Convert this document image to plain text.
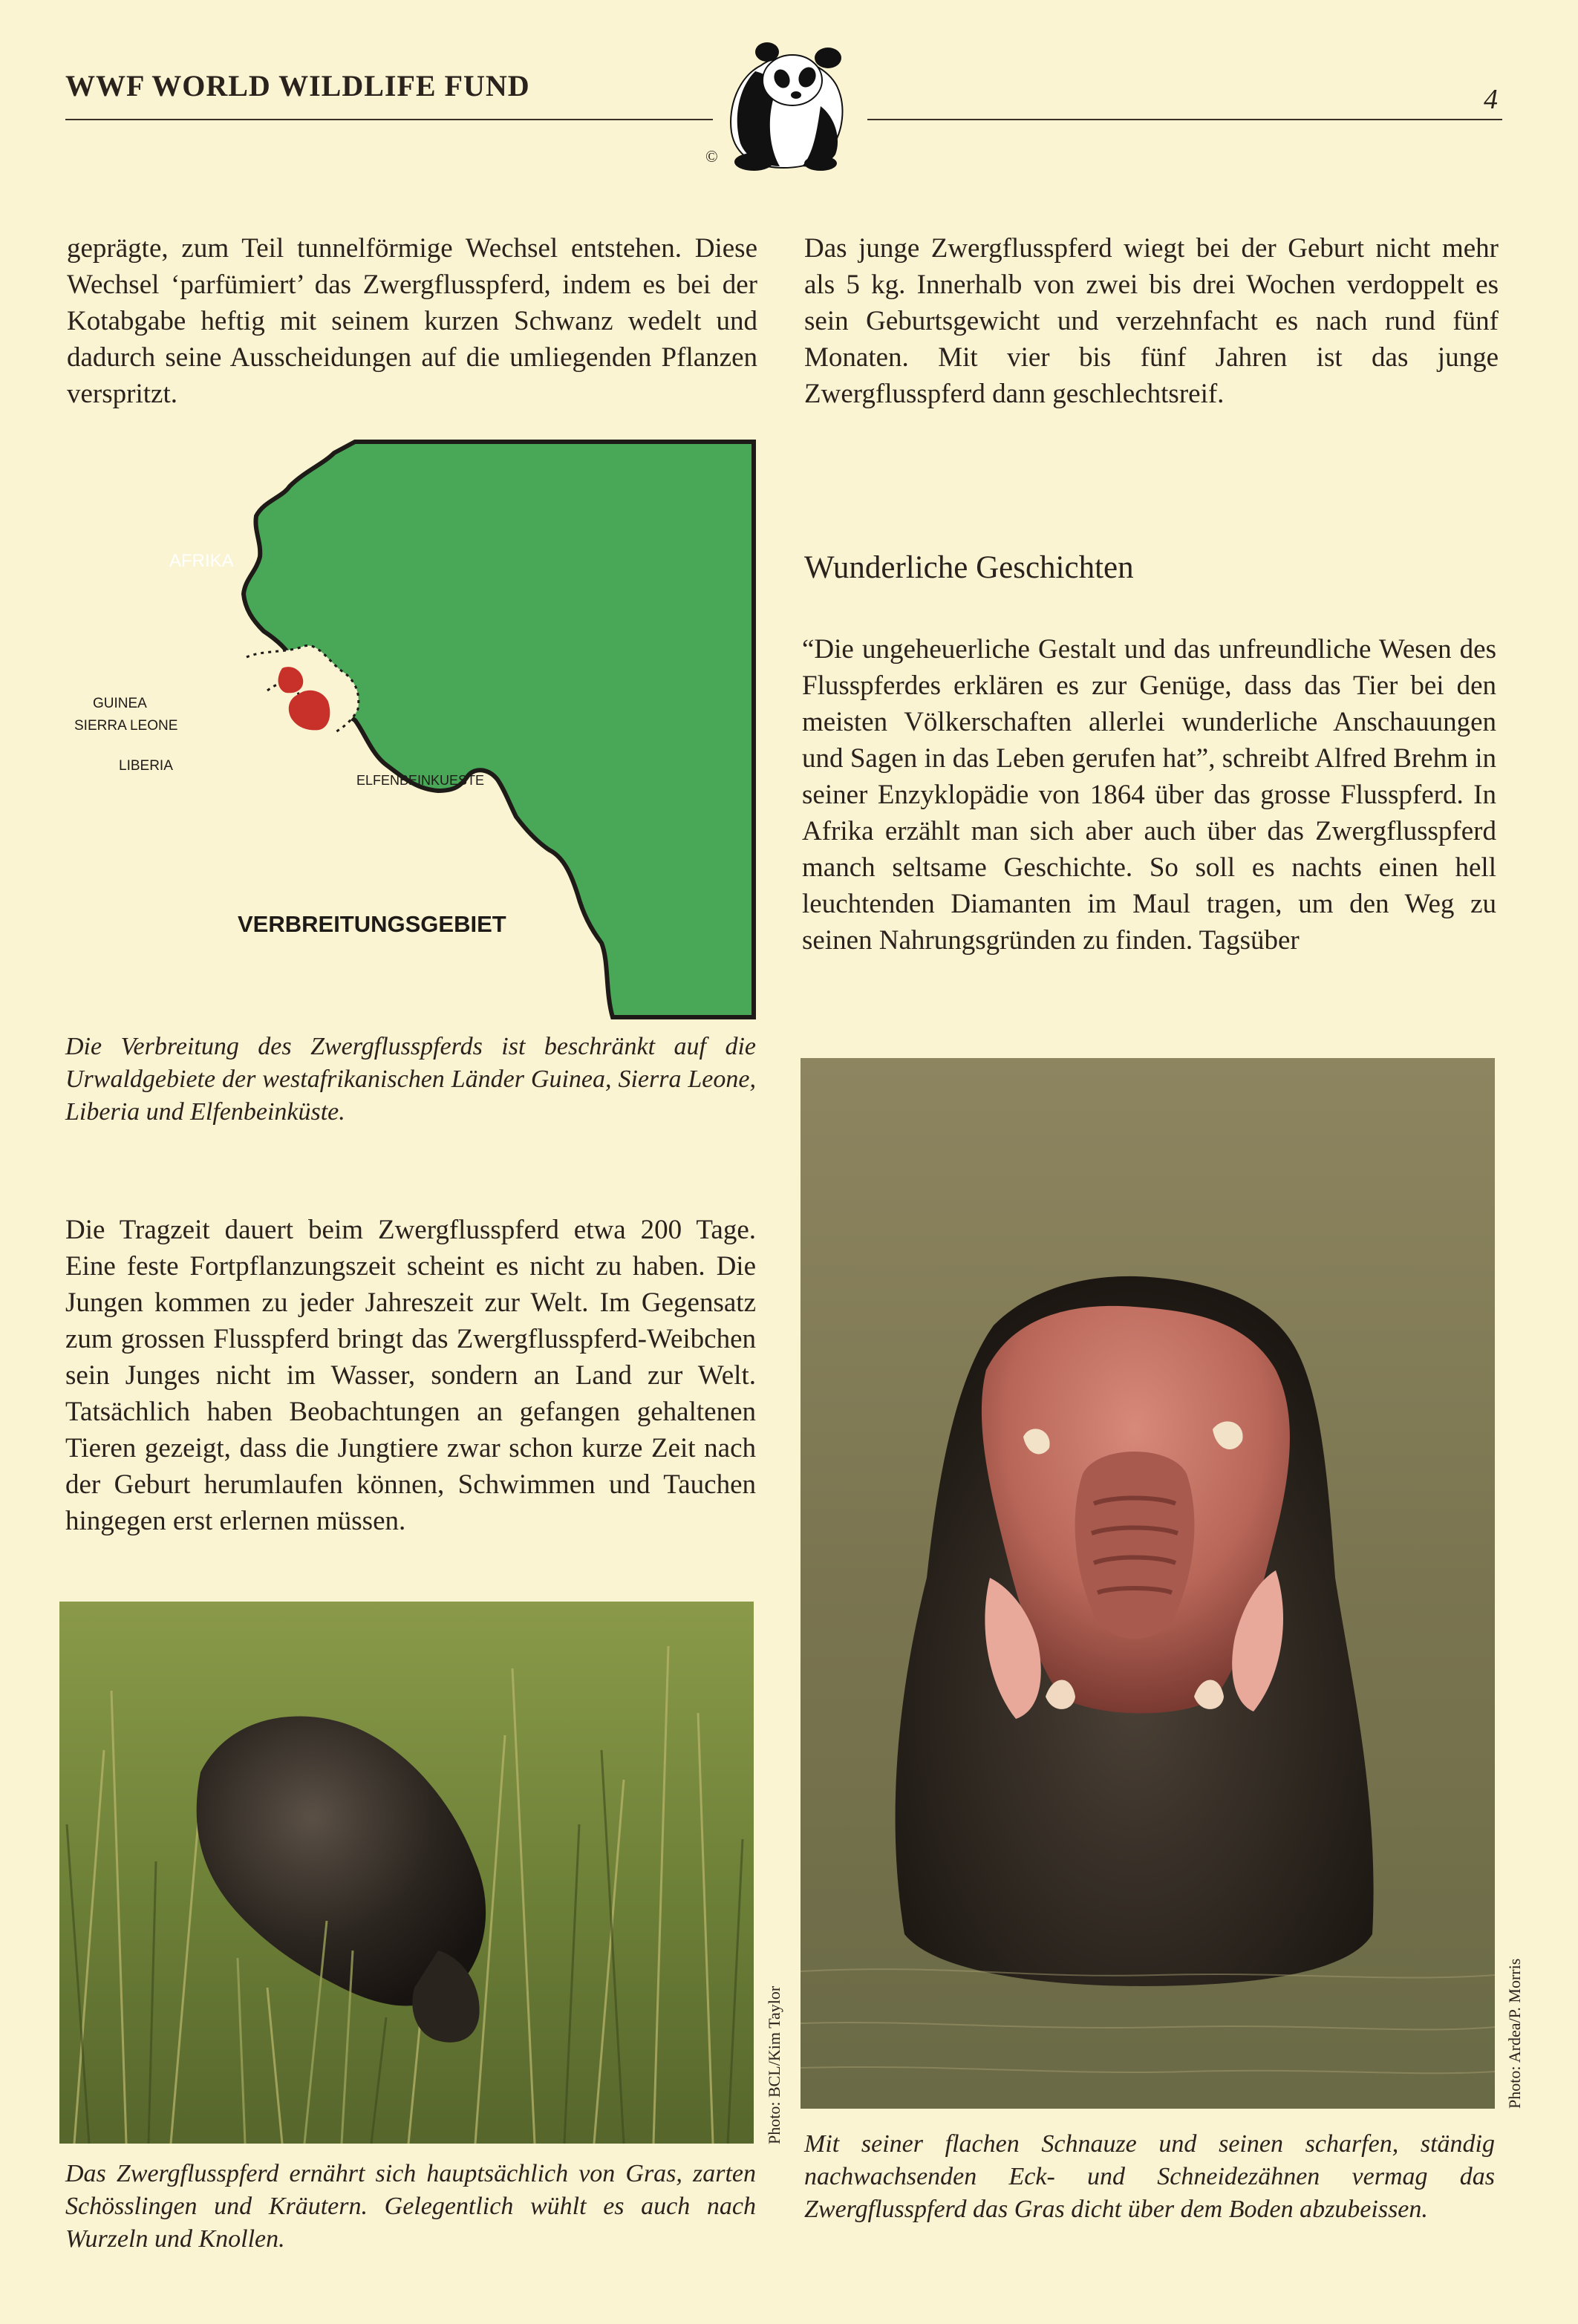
WWF WORLD WILDLIFE FUND	4
©

geprägte, zum Teil tunnelförmige Wechsel entstehen. Diese Wechsel ‘parfümiert’ das Zwergflusspferd, indem es bei der Kotabgabe heftig mit seinem kurzen Schwanz wedelt und dadurch seine Ausscheidungen auf die umliegenden Pflanzen verspritzt.

Das junge Zwergflusspferd wiegt bei der Geburt nicht mehr als 5 kg. Innerhalb von zwei bis drei Wochen verdoppelt es sein Geburtsgewicht und verzehnfacht es nach rund fünf Monaten. Mit vier bis fünf Jahren ist das junge Zwergflusspferd dann geschlechtsreif.

AFRIKA
GUINEA
SIERRA LEONE
LIBERIA
ELFENBEINKUESTE
VERBREITUNGSGEBIET

Die Verbreitung des Zwergflusspferds ist beschränkt auf die Urwaldgebiete der westafrikanischen Länder Guinea, Sierra Leone, Liberia und Elfenbeinküste.

Wunderliche Geschichten

“Die ungeheuerliche Gestalt und das unfreundliche Wesen des Flusspferdes erklären es zur Genüge, dass das Tier bei den meisten Völkerschaften allerlei wunderliche Anschauungen und Sagen in das Leben gerufen hat”, schreibt Alfred Brehm in seiner Enzyklopädie von 1864 über das grosse Flusspferd. In Afrika erzählt man sich aber auch über das Zwergflusspferd manch seltsame Geschichte. So soll es nachts einen hell leuchtenden Diamanten im Maul tragen, um den Weg zu seinen Nahrungsgründen zu finden. Tagsüber

Die Tragzeit dauert beim Zwergflusspferd etwa 200 Tage. Eine feste Fortpflanzungszeit scheint es nicht zu haben. Die Jungen kommen zu jeder Jahreszeit zur Welt. Im Gegensatz zum grossen Flusspferd bringt das Zwergflusspferd-Weibchen sein Junges nicht im Wasser, sondern an Land zur Welt. Tatsächlich haben Beobachtungen an gefangen gehaltenen Tieren gezeigt, dass die Jungtiere zwar schon kurze Zeit nach der Geburt herumlaufen können, Schwimmen und Tauchen hingegen erst erlernen müssen.

Photo: BCL/Kim Taylor

Das Zwergflusspferd ernährt sich hauptsächlich von Gras, zarten Schösslingen und Kräutern. Gelegentlich wühlt es auch nach Wurzeln und Knollen.

Photo: Ardea/P. Morris

Mit seiner flachen Schnauze und seinen scharfen, ständig nachwachsenden Eck- und Schneidezähnen vermag das Zwergflusspferd das Gras dicht über dem Boden abzubeissen.
